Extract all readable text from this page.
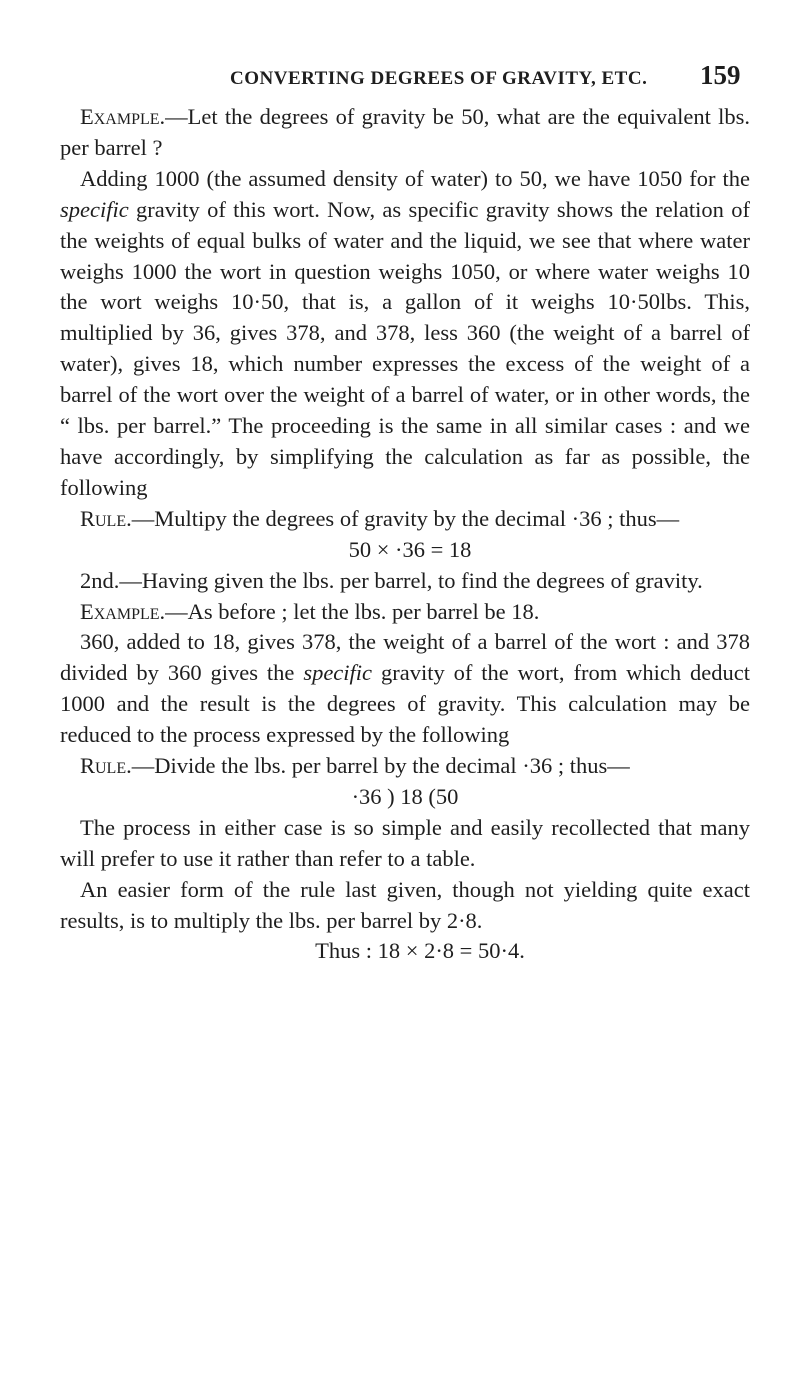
CONVERTING DEGREES OF GRAVITY, ETC. 159

Example.—Let the degrees of gravity be 50, what are the equivalent lbs. per barrel ?

Adding 1000 (the assumed density of water) to 50, we have 1050 for the specific gravity of this wort. Now, as specific gravity shows the relation of the weights of equal bulks of water and the liquid, we see that where water weighs 1000 the wort in question weighs 1050, or where water weighs 10 the wort weighs 10·50, that is, a gallon of it weighs 10·50lbs. This, multiplied by 36, gives 378, and 378, less 360 (the weight of a barrel of water), gives 18, which number expresses the excess of the weight of a barrel of the wort over the weight of a barrel of water, or in other words, the “ lbs. per barrel.” The proceeding is the same in all similar cases : and we have accordingly, by simplifying the calculation as far as possible, the following

Rule.—Multipy the degrees of gravity by the decimal ·36 ; thus—

50 × ·36 = 18

2nd.—Having given the lbs. per barrel, to find the degrees of gravity.

Example.—As before ; let the lbs. per barrel be 18.

360, added to 18, gives 378, the weight of a barrel of the wort : and 378 divided by 360 gives the specific gravity of the wort, from which deduct 1000 and the result is the degrees of gravity. This calculation may be reduced to the process expressed by the following

Rule.—Divide the lbs. per barrel by the decimal ·36 ; thus—

·36 ) 18 (50

The process in either case is so simple and easily recollected that many will prefer to use it rather than refer to a table.

An easier form of the rule last given, though not yielding quite exact results, is to multiply the lbs. per barrel by 2·8.

Thus : 18 × 2·8 = 50·4.
